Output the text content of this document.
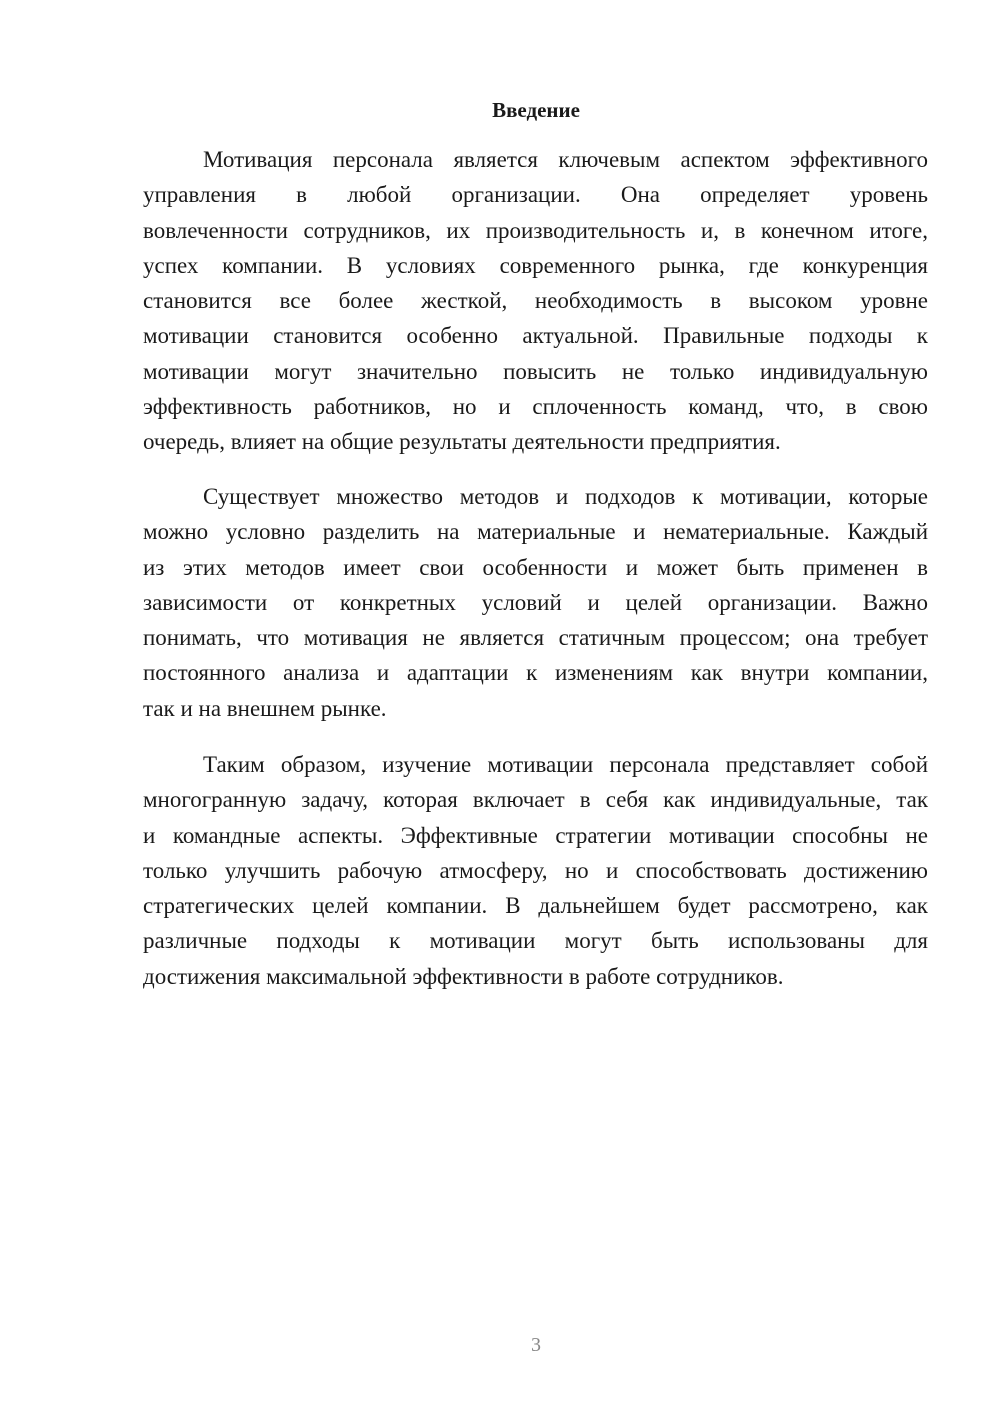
Введение
Мотивация персонала является ключевым аспектом эффективного
управления в любой организации. Она определяет уровень
вовлеченности сотрудников, их производительность и, в конечном итоге,
успех компании. В условиях современного рынка, где конкуренция
становится все более жесткой, необходимость в высоком уровне
мотивации становится особенно актуальной. Правильные подходы к
мотивации могут значительно повысить не только индивидуальную
эффективность работников, но и сплоченность команд, что, в свою
очередь, влияет на общие результаты деятельности предприятия.
Существует множество методов и подходов к мотивации, которые
можно условно разделить на материальные и нематериальные. Каждый
из этих методов имеет свои особенности и может быть применен в
зависимости от конкретных условий и целей организации. Важно
понимать, что мотивация не является статичным процессом; она требует
постоянного анализа и адаптации к изменениям как внутри компании,
так и на внешнем рынке.
Таким образом, изучение мотивации персонала представляет собой
многогранную задачу, которая включает в себя как индивидуальные, так
и командные аспекты. Эффективные стратегии мотивации способны не
только улучшить рабочую атмосферу, но и способствовать достижению
стратегических целей компании. В дальнейшем будет рассмотрено, как
различные подходы к мотивации могут быть использованы для
достижения максимальной эффективности в работе сотрудников.
3
